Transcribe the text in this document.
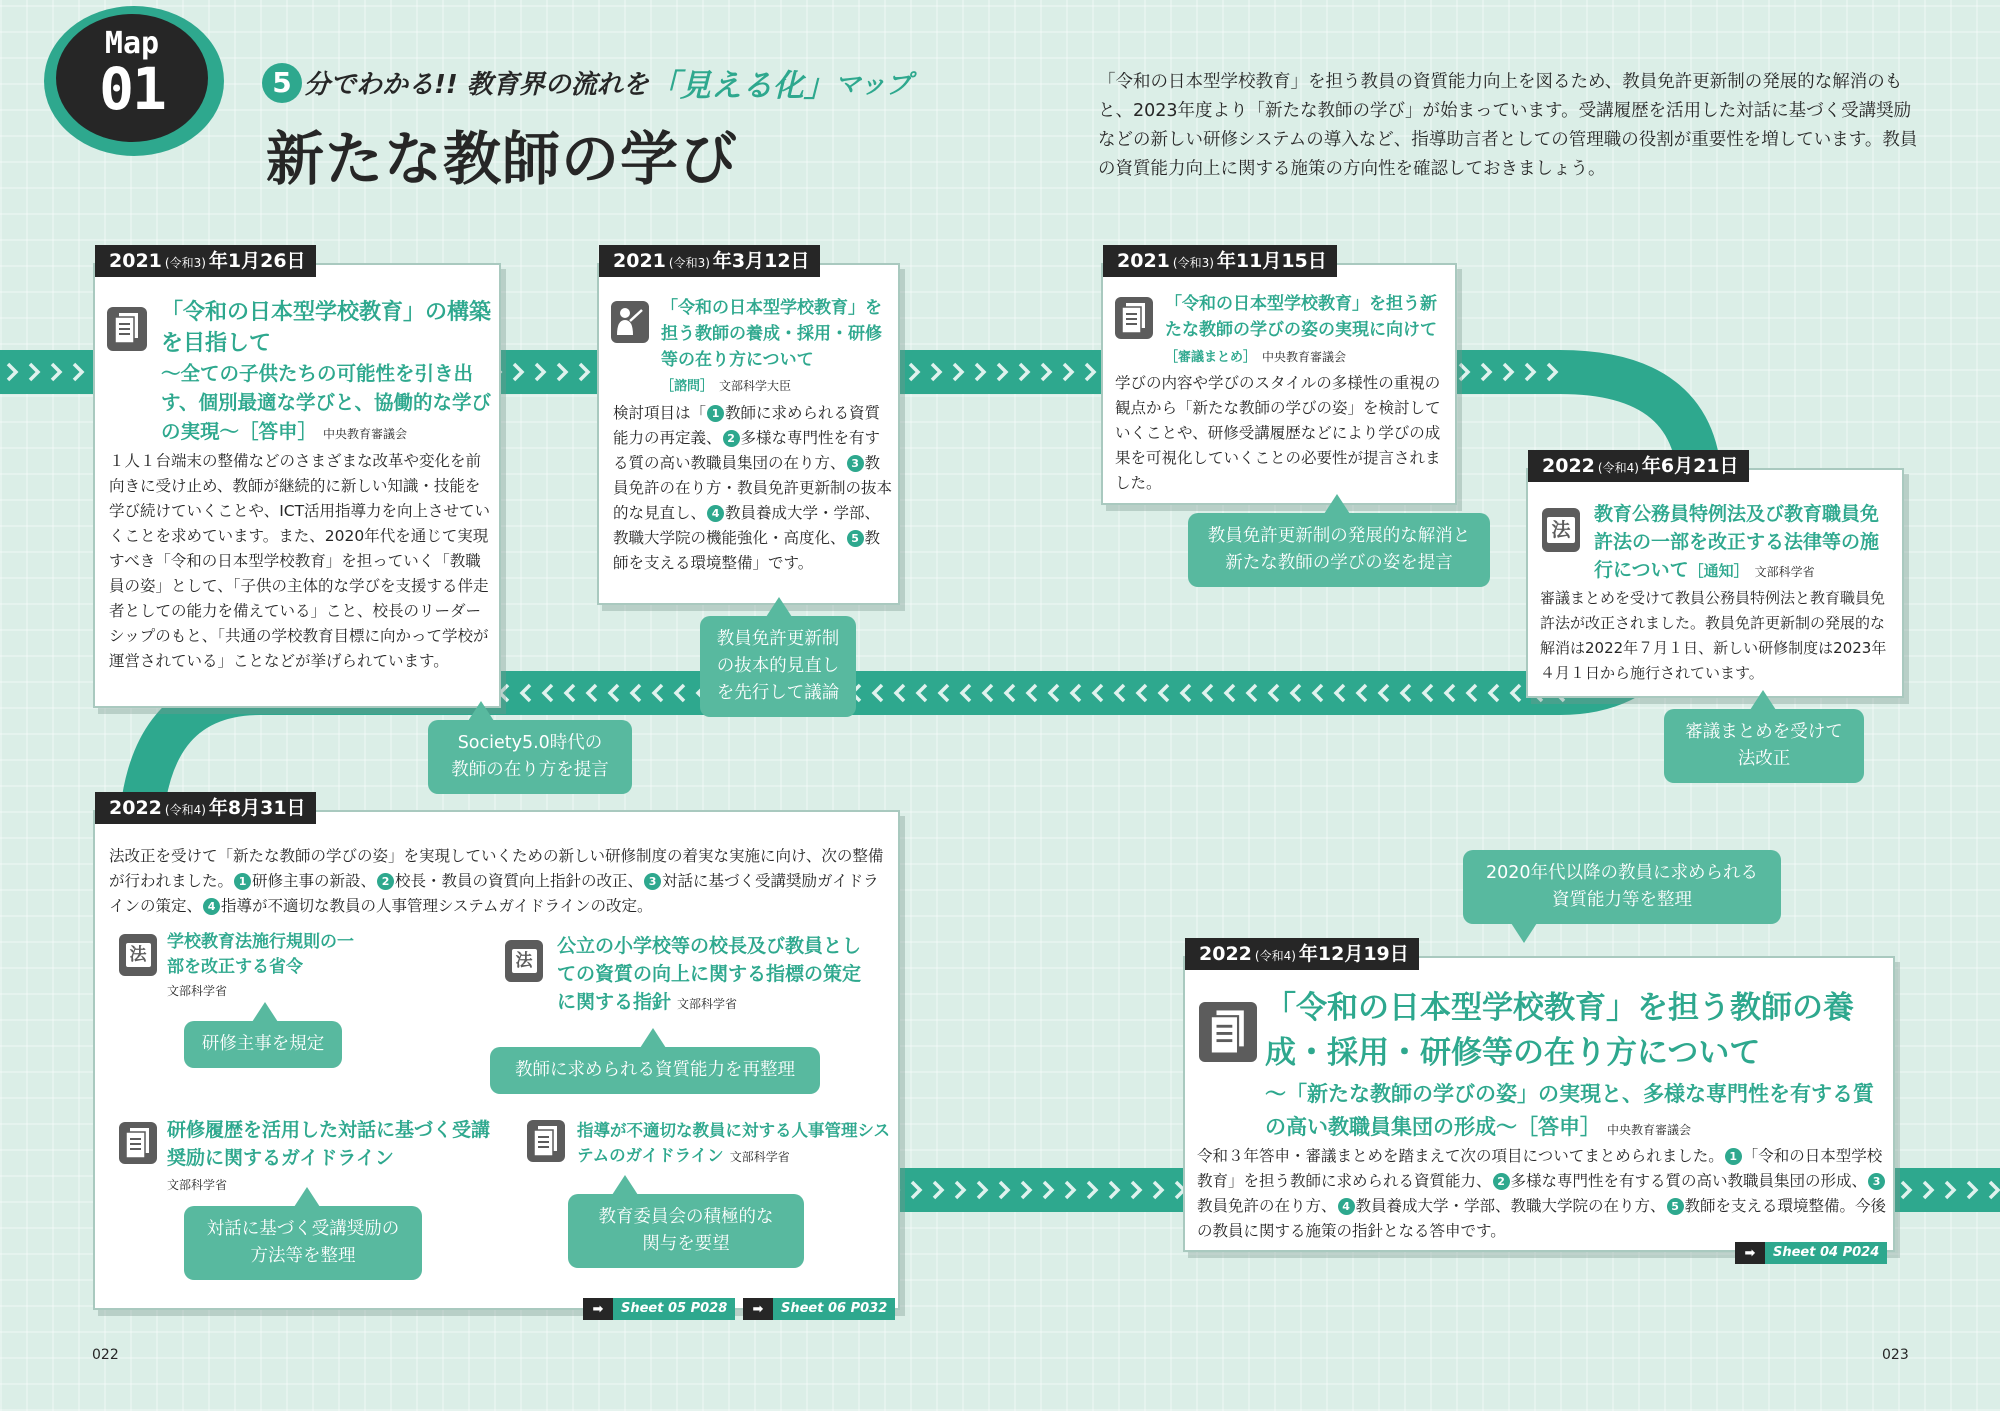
Map
01	5 分でわかる!! 教育界の流れを 「見える化」 マップ
新たな教師の学び
「令和の日本型学校教育」を担う教員の資質能力向上を図るため、教員免許更新制の発展的な解消のもと、2023年度より「新たな教師の学び」が始まっています。受講履歴を活用した対話に基づく受講奨励などの新しい研修システムの導入など、指導助言者としての管理職の役割が重要性を増しています。教員の資質能力向上に関する施策の方向性を確認しておきましょう。
2021 (令和3) 年1月26日
「令和の日本型学校教育」の構築を目指して
～全ての子供たちの可能性を引き出す、個別最適な学びと、協働的な学びの実現～［答申］ 中央教育審議会
１人１台端末の整備などのさまざまな改革や変化を前向きに受け止め、教師が継続的に新しい知識・技能を学び続けていくことや、ICT活用指導力を向上させていくことを求めています。また、2020年代を通じて実現すべき「令和の日本型学校教育」を担っていく「教職員の姿」として、「子供の主体的な学びを支援する伴走者としての能力を備えている」こと、校長のリーダーシップのもと、「共通の学校教育目標に向かって学校が運営されている」ことなどが挙げられています。
2021 (令和3) 年3月12日
「令和の日本型学校教育」を担う教師の養成・採用・研修等の在り方について
［諮問］ 文部科学大臣
検討項目は「 1 教師に求められる資質能力の再定義、 2 多様な専門性を有する質の高い教職員集団の在り方、 3 教員免許の在り方・教員免許更新制の抜本的な見直し、 4 教員養成大学・学部、教職大学院の機能強化・高度化、 5 教師を支える環境整備」です。
2021 (令和3) 年11月15日
「令和の日本型学校教育」を担う新たな教師の学びの姿の実現に向けて［審議まとめ］ 中央教育審議会
学びの内容や学びのスタイルの多様性の重視の観点から「新たな教師の学びの姿」を検討していくことや、研修受講履歴などにより学びの成果を可視化していくことの必要性が提言されました。
2022 (令和4) 年6月21日
法
教育公務員特例法及び教育職員免許法の一部を改正する法律等の施行について［通知］ 文部科学省
審議まとめを受けて教員公務員特例法と教育職員免許法が改正されました。教員免許更新制の発展的な解消は2022年７月１日、新しい研修制度は2023年４月１日から施行されています。
2022 (令和4) 年8月31日
法改正を受けて「新たな教師の学びの姿」を実現していくための新しい研修制度の着実な実施に向け、次の整備が行われました。 1 研修主事の新設、 2 校長・教員の資質向上指針の改正、 3 対話に基づく受講奨励ガイドラインの策定、 4 指導が不適切な教員の人事管理システムガイドラインの改定。
法
学校教育法施行規則の一部を改正する省令
文部科学省
法
公立の小学校等の校長及び教員としての資質の向上に関する指標の策定に関する指針 文部科学省
研修履歴を活用した対話に基づく受講奨励に関するガイドライン
文部科学省
指導が不適切な教員に対する人事管理システムのガイドライン 文部科学省
➡	Sheet 05 P028	➡	Sheet 06 P032
2022 (令和4) 年12月19日
「令和の日本型学校教育」を担う教師の養成・採用・研修等の在り方について
～「新たな教師の学びの姿」の実現と、多様な専門性を有する質の高い教職員集団の形成～［答申］ 中央教育審議会
令和３年答申・審議まとめを踏まえて次の項目についてまとめられました。 1 「令和の日本型学校教育」を担う教師に求められる資質能力、 2 多様な専門性を有する質の高い教職員集団の形成、 3教員免許の在り方、 4 教員養成大学・学部、教職大学院の在り方、 5 教師を支える環境整備。今後の教員に関する施策の指針となる答申です。
➡	Sheet 04 P024
Society5.0時代の
教師の在り方を提言
教員免許更新制
の抜本的見直し
を先行して議論
教員免許更新制の発展的な解消と
新たな教師の学びの姿を提言
審議まとめを受けて
法改正
2020年代以降の教員に求められる
資質能力等を整理
研修主事を規定
教師に求められる資質能力を再整理
対話に基づく受講奨励の
方法等を整理
教育委員会の積極的な
関与を要望
022	023
